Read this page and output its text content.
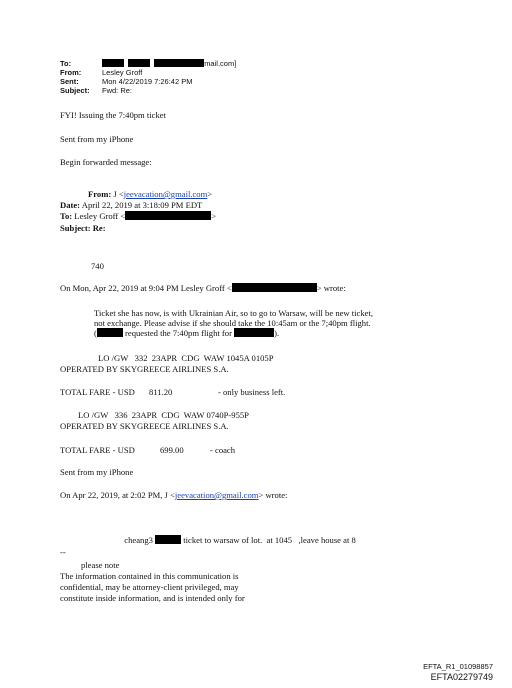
To:	mail.com]
From:	Lesley Groff
Sent:	Mon 4/22/2019 7:26:42 PM
Subject: Fwd: Re:
FYI! Issuing the 7:40pm ticket
Sent from my iPhone
Begin forwarded message:
From: J <jeevacation@gmail.com>
Date: April 22, 2019 at 3:18:09 PM EDT
To: Lesley Groff <	>
Subject: Re:
740
On Mon, Apr 22, 2019 at 9:04 PM Lesley Groff <	> wrote:
Ticket she has now, is with Ukrainian Air, so to go to Warsaw, will be new ticket,
not exchange. Please advise if she should take the 10:45am or the 7;40pm flight.
(	requested the 7:40pm flight for	).
LO /GW   332  23APR  CDG  WAW 1045A 0105P
OPERATED BY SKYGREECE AIRLINES S.A.
TOTAL FARE - USD 811.20	- only business left.
LO /GW   336  23APR  CDG  WAW 0740P-955P
OPERATED BY SKYGREECE AIRLINES S.A.
TOTAL FARE - USD	699.00	- coach
Sent from my iPhone
On Apr 22, 2019, at 2:02 PM, J <jeevacation@gmail.com> wrote:

cheang3	ticket to warsaw of lot.  at 1045   ,leave house at 8

--
please note
The information contained in this communication is
confidential, may be attorney-client privileged, may
constitute inside information, and is intended only for
EFTA_R1_01098857
EFTA02279749
